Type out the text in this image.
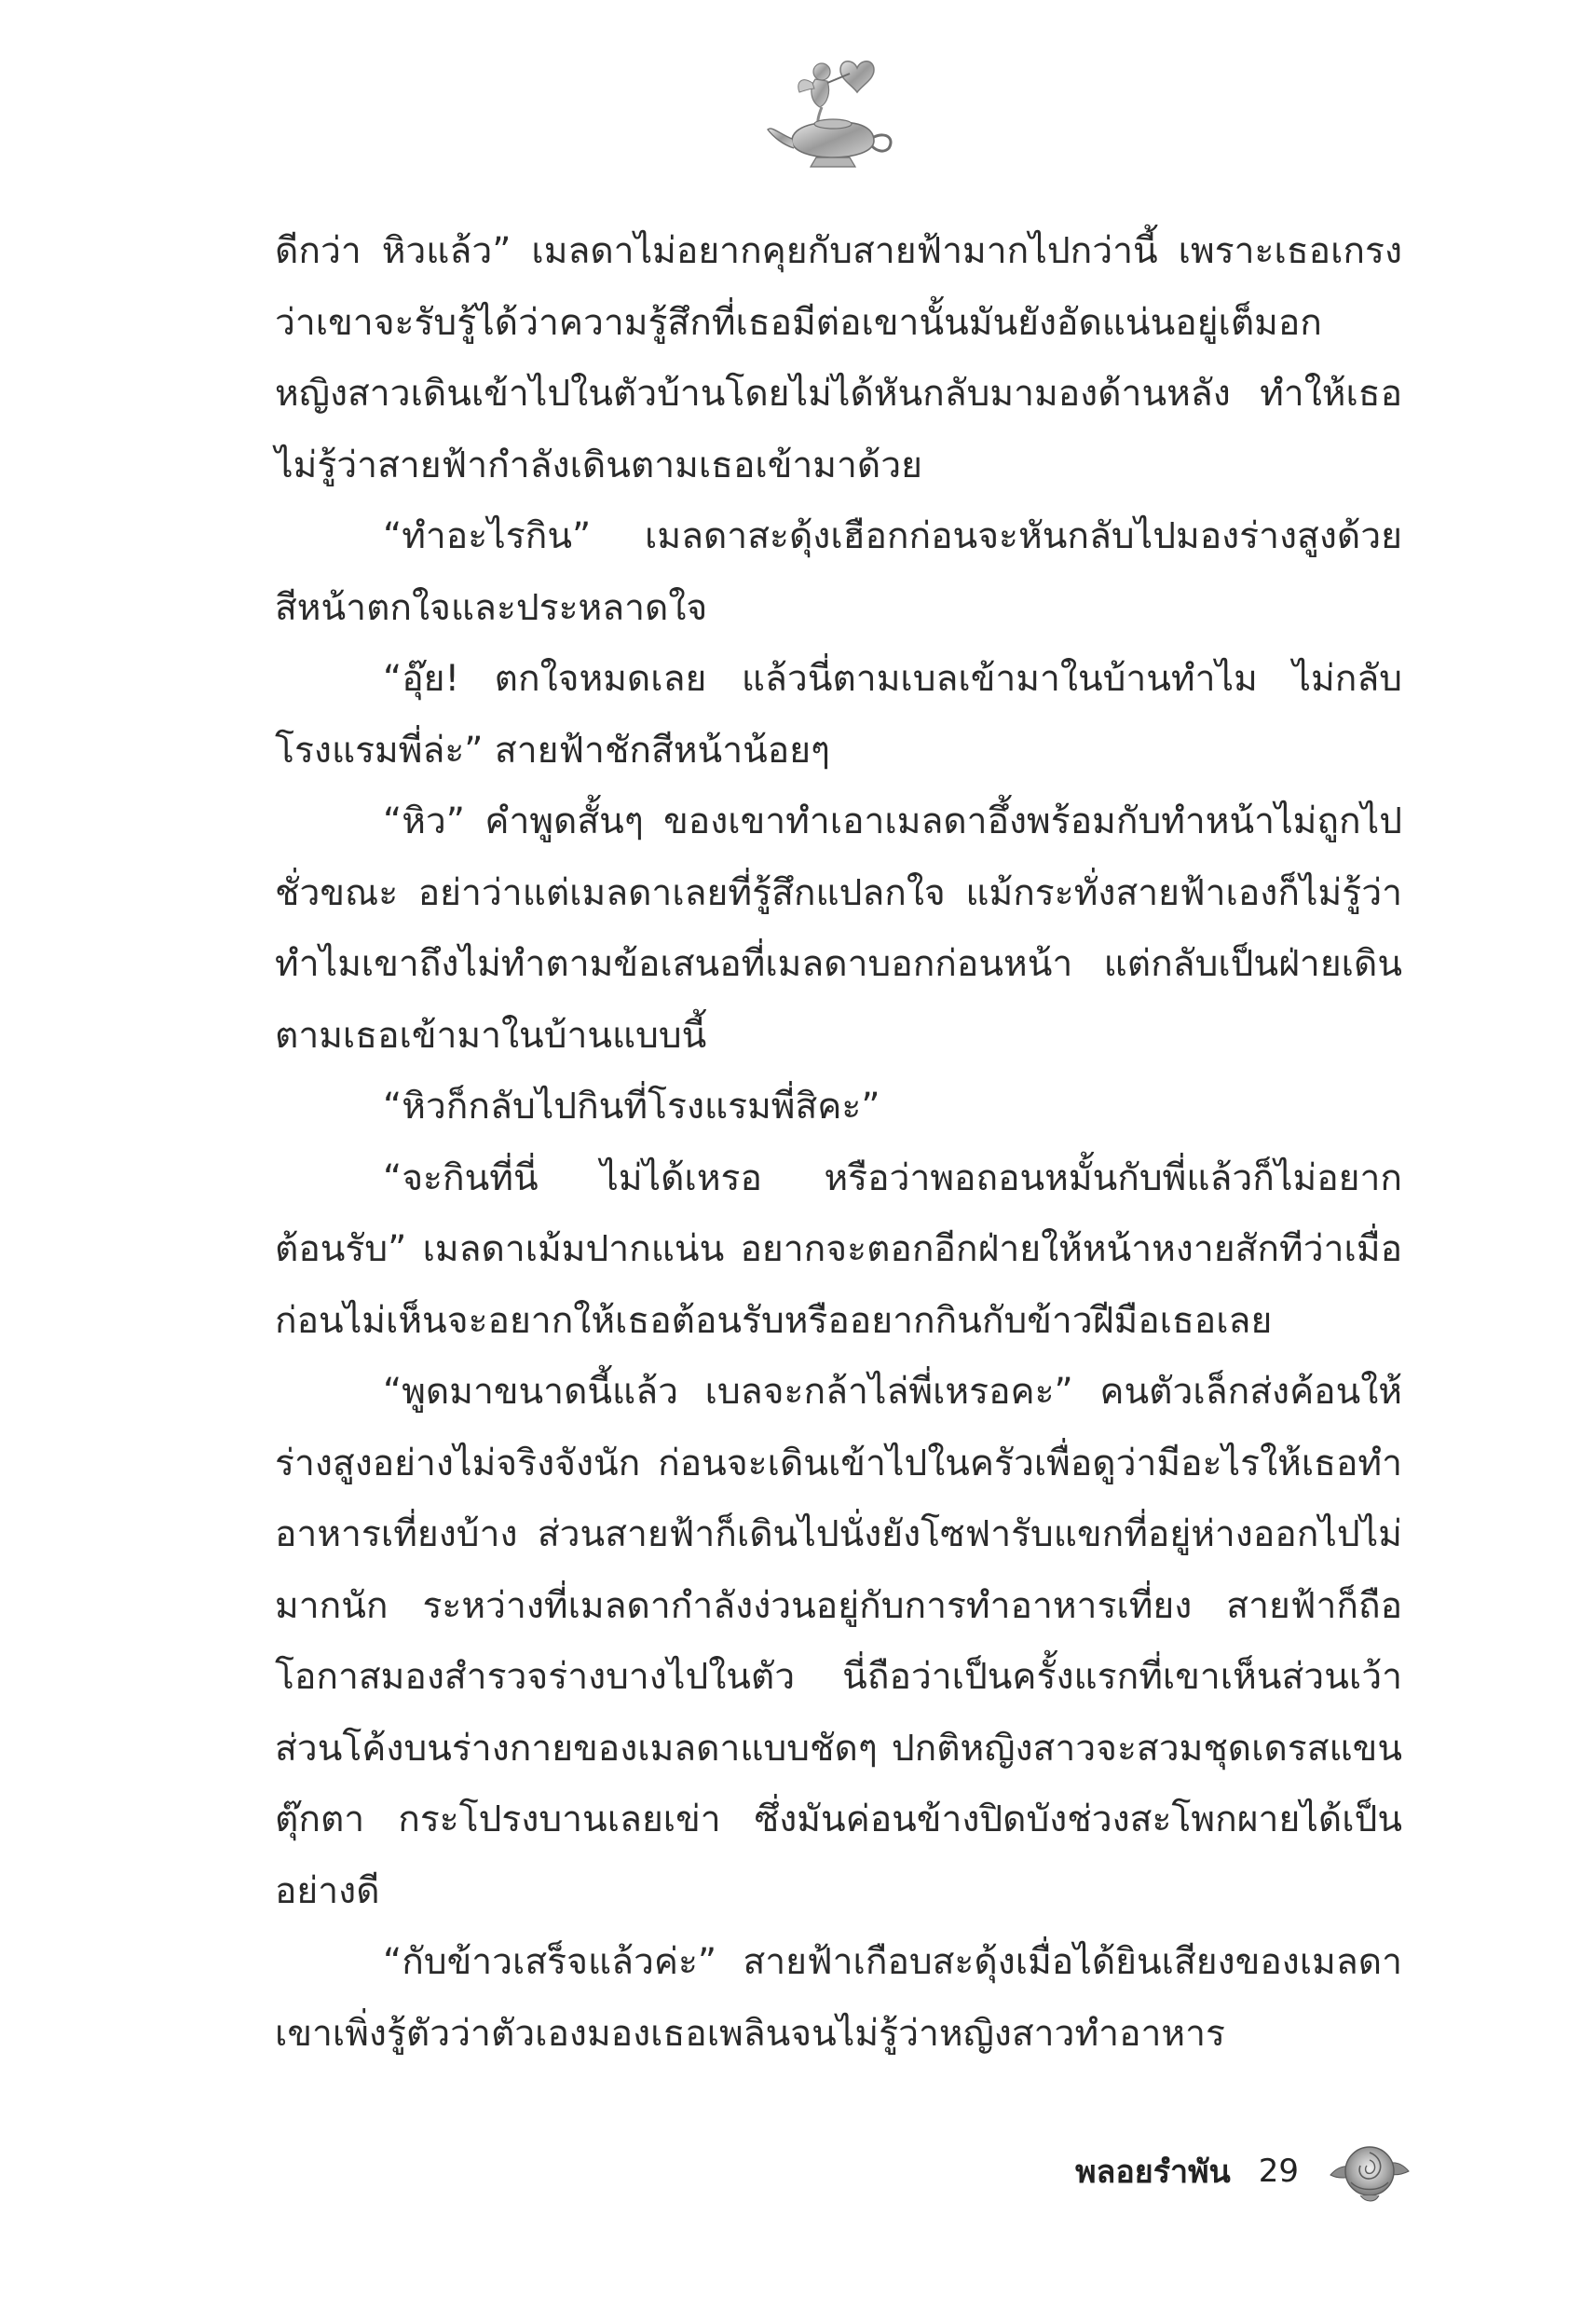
ดีกว่า หิวแล้ว” เมลดาไม่อยากคุยกับสายฟ้ามากไปกว่านี้ เพราะเธอเกรงว่าเขาจะรับรู้ได้ว่าความรู้สึกที่เธอมีต่อเขานั้นมันยังอัดแน่นอยู่เต็มอก หญิงสาวเดินเข้าไปในตัวบ้านโดยไม่ได้หันกลับมามองด้านหลัง ทำให้เธอไม่รู้ว่าสายฟ้ากำลังเดินตามเธอเข้ามาด้วย

“ทำอะไรกิน” เมลดาสะดุ้งเฮือกก่อนจะหันกลับไปมองร่างสูงด้วยสีหน้าตกใจและประหลาดใจ

“อุ๊ย! ตกใจหมดเลย แล้วนี่ตามเบลเข้ามาในบ้านทำไม ไม่กลับโรงแรมพี่ล่ะ” สายฟ้าชักสีหน้าน้อยๆ

“หิว” คำพูดสั้นๆ ของเขาทำเอาเมลดาอึ้งพร้อมกับทำหน้าไม่ถูกไปชั่วขณะ อย่าว่าแต่เมลดาเลยที่รู้สึกแปลกใจ แม้กระทั่งสายฟ้าเองก็ไม่รู้ว่าทำไมเขาถึงไม่ทำตามข้อเสนอที่เมลดาบอกก่อนหน้า แต่กลับเป็นฝ่ายเดินตามเธอเข้ามาในบ้านแบบนี้

“หิวก็กลับไปกินที่โรงแรมพี่สิคะ”

“จะกินที่นี่ ไม่ได้เหรอ หรือว่าพอถอนหมั้นกับพี่แล้วก็ไม่อยากต้อนรับ” เมลดาเม้มปากแน่น อยากจะตอกอีกฝ่ายให้หน้าหงายสักทีว่าเมื่อก่อนไม่เห็นจะอยากให้เธอต้อนรับหรืออยากกินกับข้าวฝีมือเธอเลย

“พูดมาขนาดนี้แล้ว เบลจะกล้าไล่พี่เหรอคะ” คนตัวเล็กส่งค้อนให้ร่างสูงอย่างไม่จริงจังนัก ก่อนจะเดินเข้าไปในครัวเพื่อดูว่ามีอะไรให้เธอทำอาหารเที่ยงบ้าง ส่วนสายฟ้าก็เดินไปนั่งยังโซฟารับแขกที่อยู่ห่างออกไปไม่มากนัก ระหว่างที่เมลดากำลังง่วนอยู่กับการทำอาหารเที่ยง สายฟ้าก็ถือโอกาสมองสำรวจร่างบางไปในตัว นี่ถือว่าเป็นครั้งแรกที่เขาเห็นส่วนเว้าส่วนโค้งบนร่างกายของเมลดาแบบชัดๆ ปกติหญิงสาวจะสวมชุดเดรสแขนตุ๊กตา กระโปรงบานเลยเข่า ซึ่งมันค่อนข้างปิดบังช่วงสะโพกผายได้เป็นอย่างดี

“กับข้าวเสร็จแล้วค่ะ” สายฟ้าเกือบสะดุ้งเมื่อได้ยินเสียงของเมลดา เขาเพิ่งรู้ตัวว่าตัวเองมองเธอเพลินจนไม่รู้ว่าหญิงสาวทำอาหาร

พลอยรำพัน 29
